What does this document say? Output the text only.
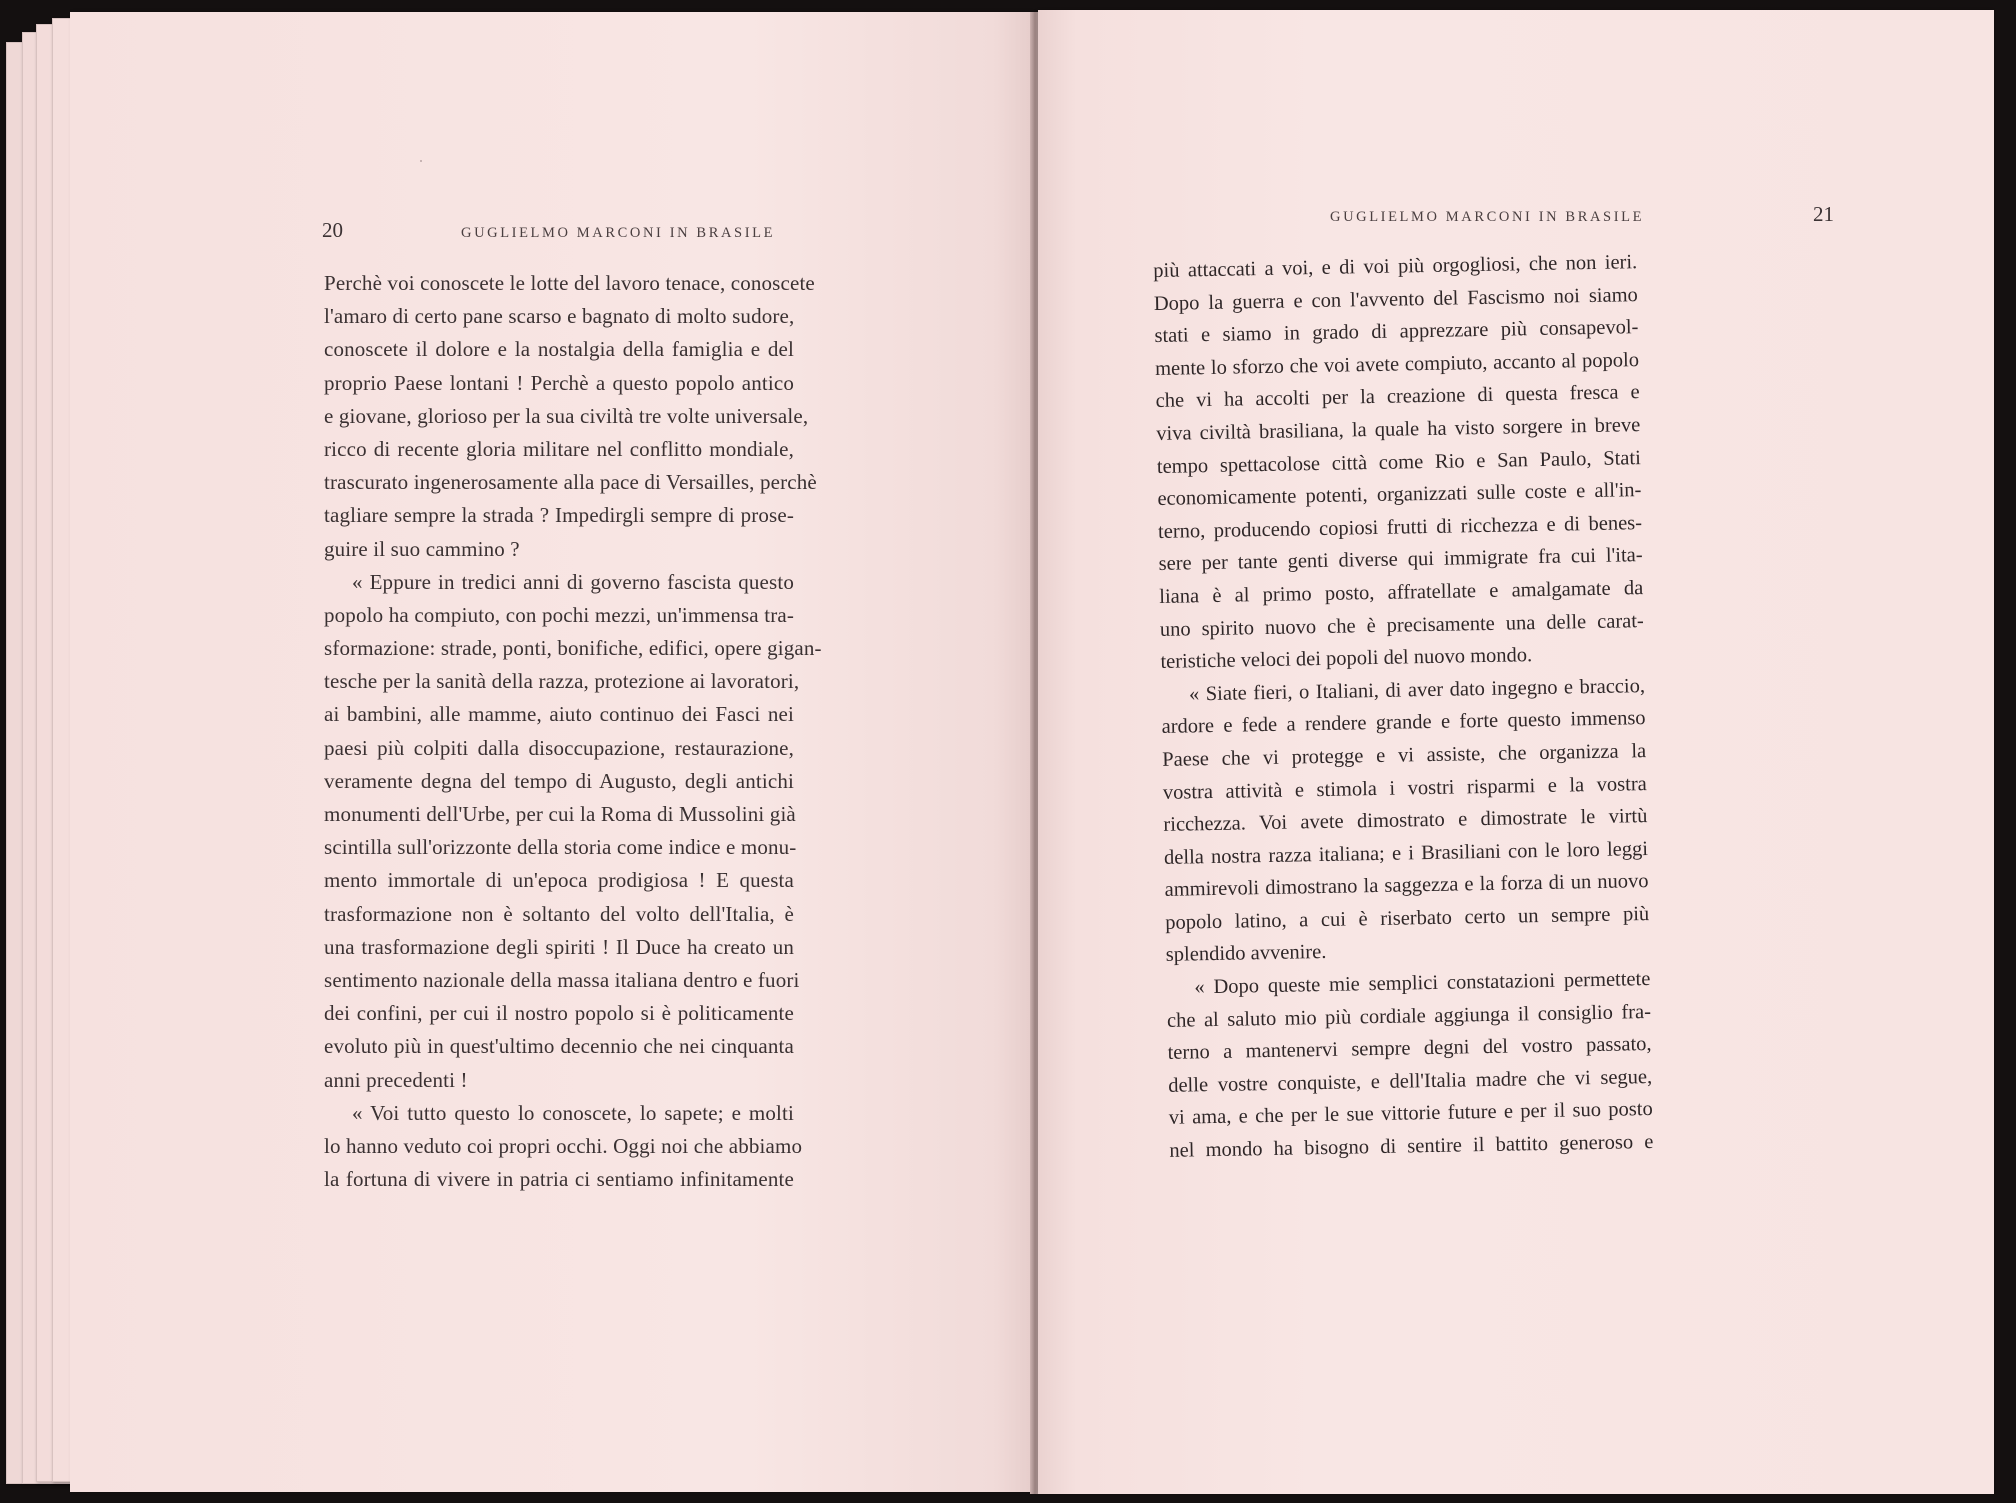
20	GUGLIELMO MARCONI IN BRASILE
Perchè voi conoscete le lotte del lavoro tenace, conoscete
l'amaro di certo pane scarso e bagnato di molto sudore,
conoscete il dolore e la nostalgia della famiglia e del
proprio Paese lontani ! Perchè a questo popolo antico
e giovane, glorioso per la sua civiltà tre volte universale,
ricco di recente gloria militare nel conflitto mondiale,
trascurato ingenerosamente alla pace di Versailles, perchè
tagliare sempre la strada ? Impedirgli sempre di prose-
guire il suo cammino ?
« Eppure in tredici anni di governo fascista questo
popolo ha compiuto, con pochi mezzi, un'immensa tra-
sformazione: strade, ponti, bonifiche, edifici, opere gigan-
tesche per la sanità della razza, protezione ai lavoratori,
ai bambini, alle mamme, aiuto continuo dei Fasci nei
paesi più colpiti dalla disoccupazione, restaurazione,
veramente degna del tempo di Augusto, degli antichi
monumenti dell'Urbe, per cui la Roma di Mussolini già
scintilla sull'orizzonte della storia come indice e monu-
mento immortale di un'epoca prodigiosa ! E questa
trasformazione non è soltanto del volto dell'Italia, è
una trasformazione degli spiriti ! Il Duce ha creato un
sentimento nazionale della massa italiana dentro e fuori
dei confini, per cui il nostro popolo si è politicamente
evoluto più in quest'ultimo decennio che nei cinquanta
anni precedenti !
« Voi tutto questo lo conoscete, lo sapete; e molti
lo hanno veduto coi propri occhi. Oggi noi che abbiamo
la fortuna di vivere in patria ci sentiamo infinitamente
GUGLIELMO MARCONI IN BRASILE	21
più attaccati a voi, e di voi più orgogliosi, che non ieri.
Dopo la guerra e con l'avvento del Fascismo noi siamo
stati e siamo in grado di apprezzare più consapevol-
mente lo sforzo che voi avete compiuto, accanto al popolo
che vi ha accolti per la creazione di questa fresca e
viva civiltà brasiliana, la quale ha visto sorgere in breve
tempo spettacolose città come Rio e San Paulo, Stati
economicamente potenti, organizzati sulle coste e all'in-
terno, producendo copiosi frutti di ricchezza e di benes-
sere per tante genti diverse qui immigrate fra cui l'ita-
liana è al primo posto, affratellate e amalgamate da
uno spirito nuovo che è precisamente una delle carat-
teristiche veloci dei popoli del nuovo mondo.
« Siate fieri, o Italiani, di aver dato ingegno e braccio,
ardore e fede a rendere grande e forte questo immenso
Paese che vi protegge e vi assiste, che organizza la
vostra attività e stimola i vostri risparmi e la vostra
ricchezza. Voi avete dimostrato e dimostrate le virtù
della nostra razza italiana; e i Brasiliani con le loro leggi
ammirevoli dimostrano la saggezza e la forza di un nuovo
popolo latino, a cui è riserbato certo un sempre più
splendido avvenire.
« Dopo queste mie semplici constatazioni permettete
che al saluto mio più cordiale aggiunga il consiglio fra-
terno a mantenervi sempre degni del vostro passato,
delle vostre conquiste, e dell'Italia madre che vi segue,
vi ama, e che per le sue vittorie future e per il suo posto
nel mondo ha bisogno di sentire il battito generoso e
